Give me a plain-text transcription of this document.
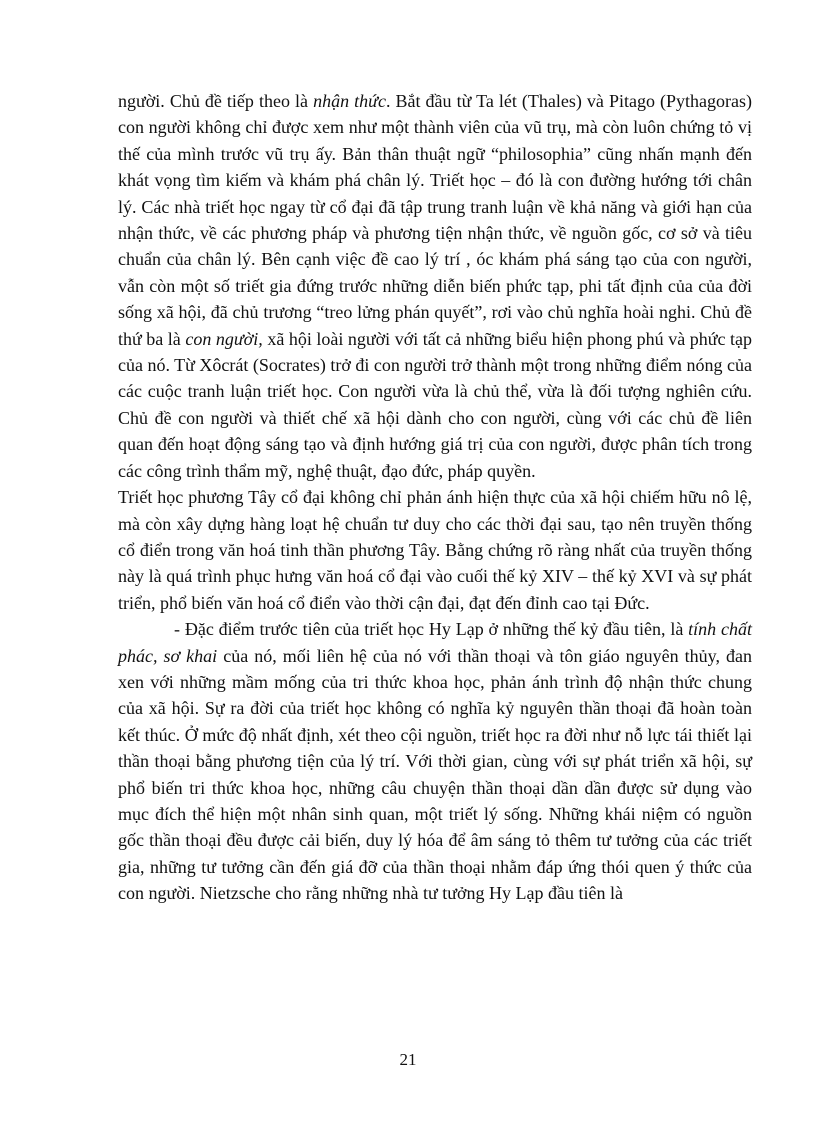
người. Chủ đề tiếp theo là nhận thức. Bắt đầu từ Ta lét (Thales) và Pitago (Pythagoras) con người không chỉ được xem như một thành viên của vũ trụ, mà còn luôn chứng tỏ vị thế của mình trước vũ trụ ấy. Bản thân thuật ngữ “philosophia” cũng nhấn mạnh đến khát vọng tìm kiếm và khám phá chân lý. Triết học – đó là con đường hướng tới chân lý. Các nhà triết học ngay từ cổ đại đã tập trung tranh luận về khả năng và giới hạn của nhận thức, về các phương pháp và phương tiện nhận thức, về nguồn gốc, cơ sở và tiêu chuẩn của chân lý. Bên cạnh việc đề cao lý trí , óc khám phá sáng tạo của con người, vẫn còn một số triết gia đứng trước những diễn biến phức tạp, phi tất định của của đời sống xã hội, đã chủ trương “treo lửng phán quyết”, rơi vào chủ nghĩa hoài nghi. Chủ đề thứ ba là con người, xã hội loài người với tất cả những biểu hiện phong phú và phức tạp của nó. Từ Xôcrát (Socrates) trở đi con người trở thành một trong những điểm nóng của các cuộc tranh luận triết học. Con người vừa là chủ thể, vừa là đối tượng nghiên cứu. Chủ đề con người và thiết chế xã hội dành cho con người, cùng với các chủ đề liên quan đến hoạt động sáng tạo và định hướng giá trị của con người, được phân tích trong các công trình thẩm mỹ, nghệ thuật, đạo đức, pháp quyền.

Triết học phương Tây cổ đại không chỉ phản ánh hiện thực của xã hội chiếm hữu nô lệ, mà còn xây dựng hàng loạt hệ chuẩn tư duy cho các thời đại sau, tạo nên truyền thống cổ điển trong văn hoá tinh thần phương Tây. Bằng chứng rõ ràng nhất của truyền thống này là quá trình phục hưng văn hoá cổ đại vào cuối thế kỷ XIV – thế kỷ XVI và sự phát triển, phổ biến văn hoá cổ điển vào thời cận đại, đạt đến đỉnh cao tại Đức.

- Đặc điểm trước tiên của triết học Hy Lạp ở những thế kỷ đầu tiên, là tính chất phác, sơ khai của nó, mối liên hệ của nó với thần thoại và tôn giáo nguyên thủy, đan xen với những mầm mống của tri thức khoa học, phản ánh trình độ nhận thức chung của xã hội. Sự ra đời của triết học không có nghĩa kỷ nguyên thần thoại đã hoàn toàn kết thúc. Ở mức độ nhất định, xét theo cội nguồn, triết học ra đời như nỗ lực tái thiết lại thần thoại bằng phương tiện của lý trí. Với thời gian, cùng với sự phát triển xã hội, sự phổ biến tri thức khoa học, những câu chuyện thần thoại dần dần được sử dụng vào mục đích thể hiện một nhân sinh quan, một triết lý sống. Những khái niệm có nguồn gốc thần thoại đều được cải biến, duy lý hóa để âm sáng tỏ thêm tư tưởng của các triết gia, những tư tưởng cần đến giá đỡ của thần thoại nhằm đáp ứng thói quen ý thức của con người. Nietzsche cho rằng những nhà tư tưởng Hy Lạp đầu tiên là

21
